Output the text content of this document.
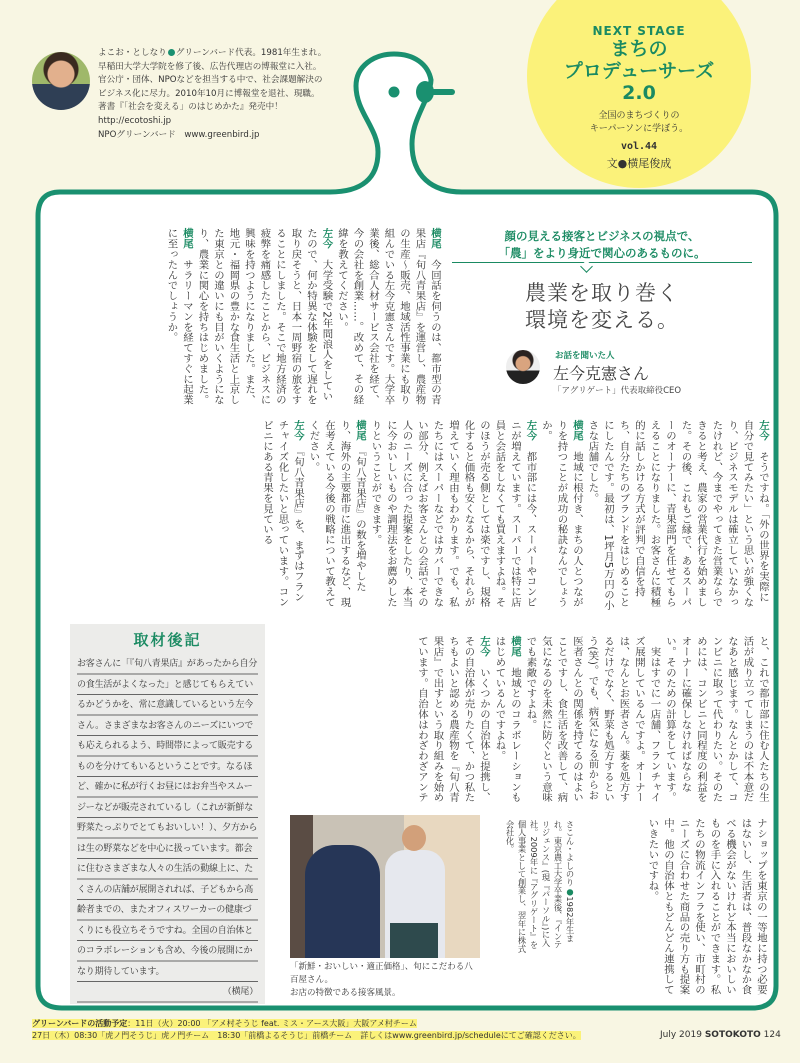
よこお・としなり グリーンバード代表。1981年生まれ。早稲田大学大学院を修了後、広告代理店の博報堂に入社。官公庁・団体、NPOなどを担当する中で、社会課題解決のビジネス化に尽力。2010年10月に博報堂を退社、現職。著書『「社会を変える」のはじめかた』発売中！ http://ecotoshi.jp
NPOグリーンバード　www.greenbird.jp
NEXT STAGE
まちの
プロデューサーズ
2.0
全国のまちづくりの
キーパーソンに学ぼう。
vol.44
文●横尾俊成
顔の見える接客とビジネスの視点で、
「農」をより身近で関心のあるものに。
農業を取り巻く
環境を変える。
お話を聞いた人
左今克憲さん
「アグリゲート」代表取締役CEO

横尾　今回話を伺うのは、都市型の青果店『旬八青果店』を運営し、農産物の生産〜販売、地域活性事業にも取り組んでいる左今克憲さんです。大学卒業後、総合人材サービス会社を経て、今の会社を創業……。改めて、その経緯を教えてください。

左今　大学受験で2年間浪人をしていたので、何か特異な体験をして遅れを取り戻そうと、日本一周野宿の旅をすることにしました。そこで地方経済の疲弊を痛感したことから、ビジネスに興味を持つようになりました。また、地元・福岡県の豊かな食生活と上京した東京との違いにも目がいくようになり、農業に関心を持ちはじめました。

横尾　サラリーマンを経てすぐに起業に至ったんでしょうか。

左今　そうですね。「外の世界を実際に自分で見てみたい」という思いが強くなり、ビジネスモデルは確立していなかったけれど、今までやってきた営業ならできると考え、農家の営業代行を始めました。その後、これもご縁で、あるスーパーのオーナーに、青果部門を任せてもらえることになりました。お客さんに積極的に話しかける方式が評判で自信を持ち、自分たちのブランドをはじめることにしたんです。最初は、1坪月5万円の小さな店舗でした。

横尾　地域に根付き、まちの人とつながりを持つことが成功の秘訣なんでしょうか。

左今　都市部には今、スーパーやコンビニが増えています。スーパーでは特に店員と会話をしなくても買えますよね。そのほうが売る側としては楽ですし、規格化すると価格も安くなるから、それらが増えていく理由もわかります。でも、私たちにはスーパーなどではカバーできない部分、例えばお客さんとの会話でその人のニーズに合った提案をしたり、本当に今おいしいものや調理法をお薦めしたりということができます。

横尾　『旬八青果店』の数を増やしたり、海外の主要都市に進出するなど、現在考えている今後の戦略について教えてください。

左今　『旬八青果店』を、まずはフランチャイズ化したいと思っています。コンビニにある青果を見ている

と、これで都市部に住む人たちの生活が成り立ってしまうのは不本意だなあと感じます。なんとかして、コンビニに取って代わりたい。そのためには、コンビニと同程度の利益をオーナーに確保しなければならない。そのための計算をしています。

　実はすでに一店舗、フランチャイズ展開しているんですよ。オーナーは、なんとお医者さん。薬を処方するだけでなく、野菜も処方するという(笑)。でも、病気になる前からお医者さんとの関係を持てるのはよいことですし、食生活を改善して、病気になるのを未然に防ぐという意味でも素敵ですよね。

横尾　地域とのコラボレーションもはじめているんですよね。

左今　いくつかの自治体と提携し、その自治体が売りたくて、かつ私たちもよいと認める農産物を『旬八青果店』で出すという取り組みを始めています。自治体はわざわざアンテ

ナショップを東京の一等地に持つ必要はないし、生活者は、普段なかなか食べる機会がないけれど本当においしいものを手に入れることができます。私たちの物流インフラを使い、市町村のニーズに合わせた商品の売り方も提案中。他の自治体ともどんどん連携していきたいですね。

さこん・よしのり●1982年生まれ。東京農工大学卒業後、『インテリジェンス』(現『パーソル』)に入社。2009年に『アグリゲート』を個人事業として創業し、翌年に株式会社化。

取材後記
お客さんに「『旬八青果店』があったから自分の食生活がよくなった」と感じてもらえているかどうかを、常に意識しているという左今さん。さまざまなお客さんのニーズにいつでも応えられるよう、時間帯によって販売するものを分けてもいるということです。なるほど、確かに私が行くお昼にはお弁当やスムージーなどが販売されているし（これが新鮮な野菜たっぷりでとてもおいしい！）、夕方からは生の野菜などを中心に扱っています。都会に住むさまざまな人々の生活の動線上に、たくさんの店舗が展開されれば、子どもから高齢者までの、またオフィスワーカーの健康づくりにも役立ちそうですね。全国の自治体とのコラボレーションも含め、今後の展開にかなり期待しています。
（横尾）
「新鮮・おいしい・適正価格」、旬にこだわる八百屋さん。
お店の特徴である接客風景。
グリーンバードの活動予定：11日（火）20:00 「アメ村そうじ feat. ミス・アース大阪」大阪アメ村チーム
27日（木）08:30「虎ノ門そうじ」虎ノ門チーム　18:30「前橋よるそうじ」前橋チーム　詳しくはwww.greenbird.jp/scheduleにてご確認ください。	July 2019 SOTOKOTO 124
